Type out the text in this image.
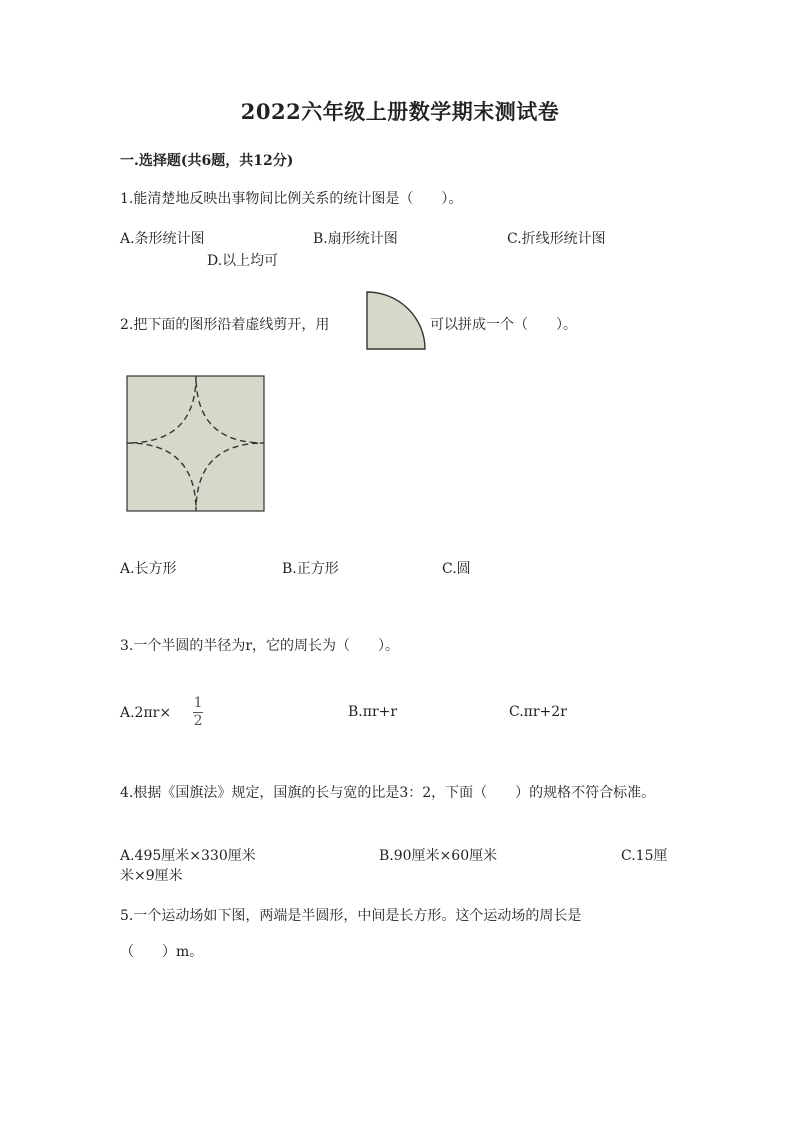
2022六年级上册数学期末测试卷
一.选择题(共6题，共12分)
1.能清楚地反映出事物间比例关系的统计图是（　　）。
A.条形统计图	B.扇形统计图	C.折线形统计图
D.以上均可
2.把下面的图形沿着虚线剪开，用	可以拼成一个（　　）。
A.长方形	B.正方形	C.圆
3.一个半圆的半径为r，它的周长为（　　）。
$A.2\pi r\times \frac{1}{2}$	B.πr+r	C.πr+2r
4.根据《国旗法》规定，国旗的长与宽的比是3：2，下面（　　）的规格不符合标准。
A.495厘米×330厘米	B.90厘米×60厘米	C.15厘
米×9厘米
5.一个运动场如下图，两端是半圆形，中间是长方形。这个运动场的周长是
（　　）m。
